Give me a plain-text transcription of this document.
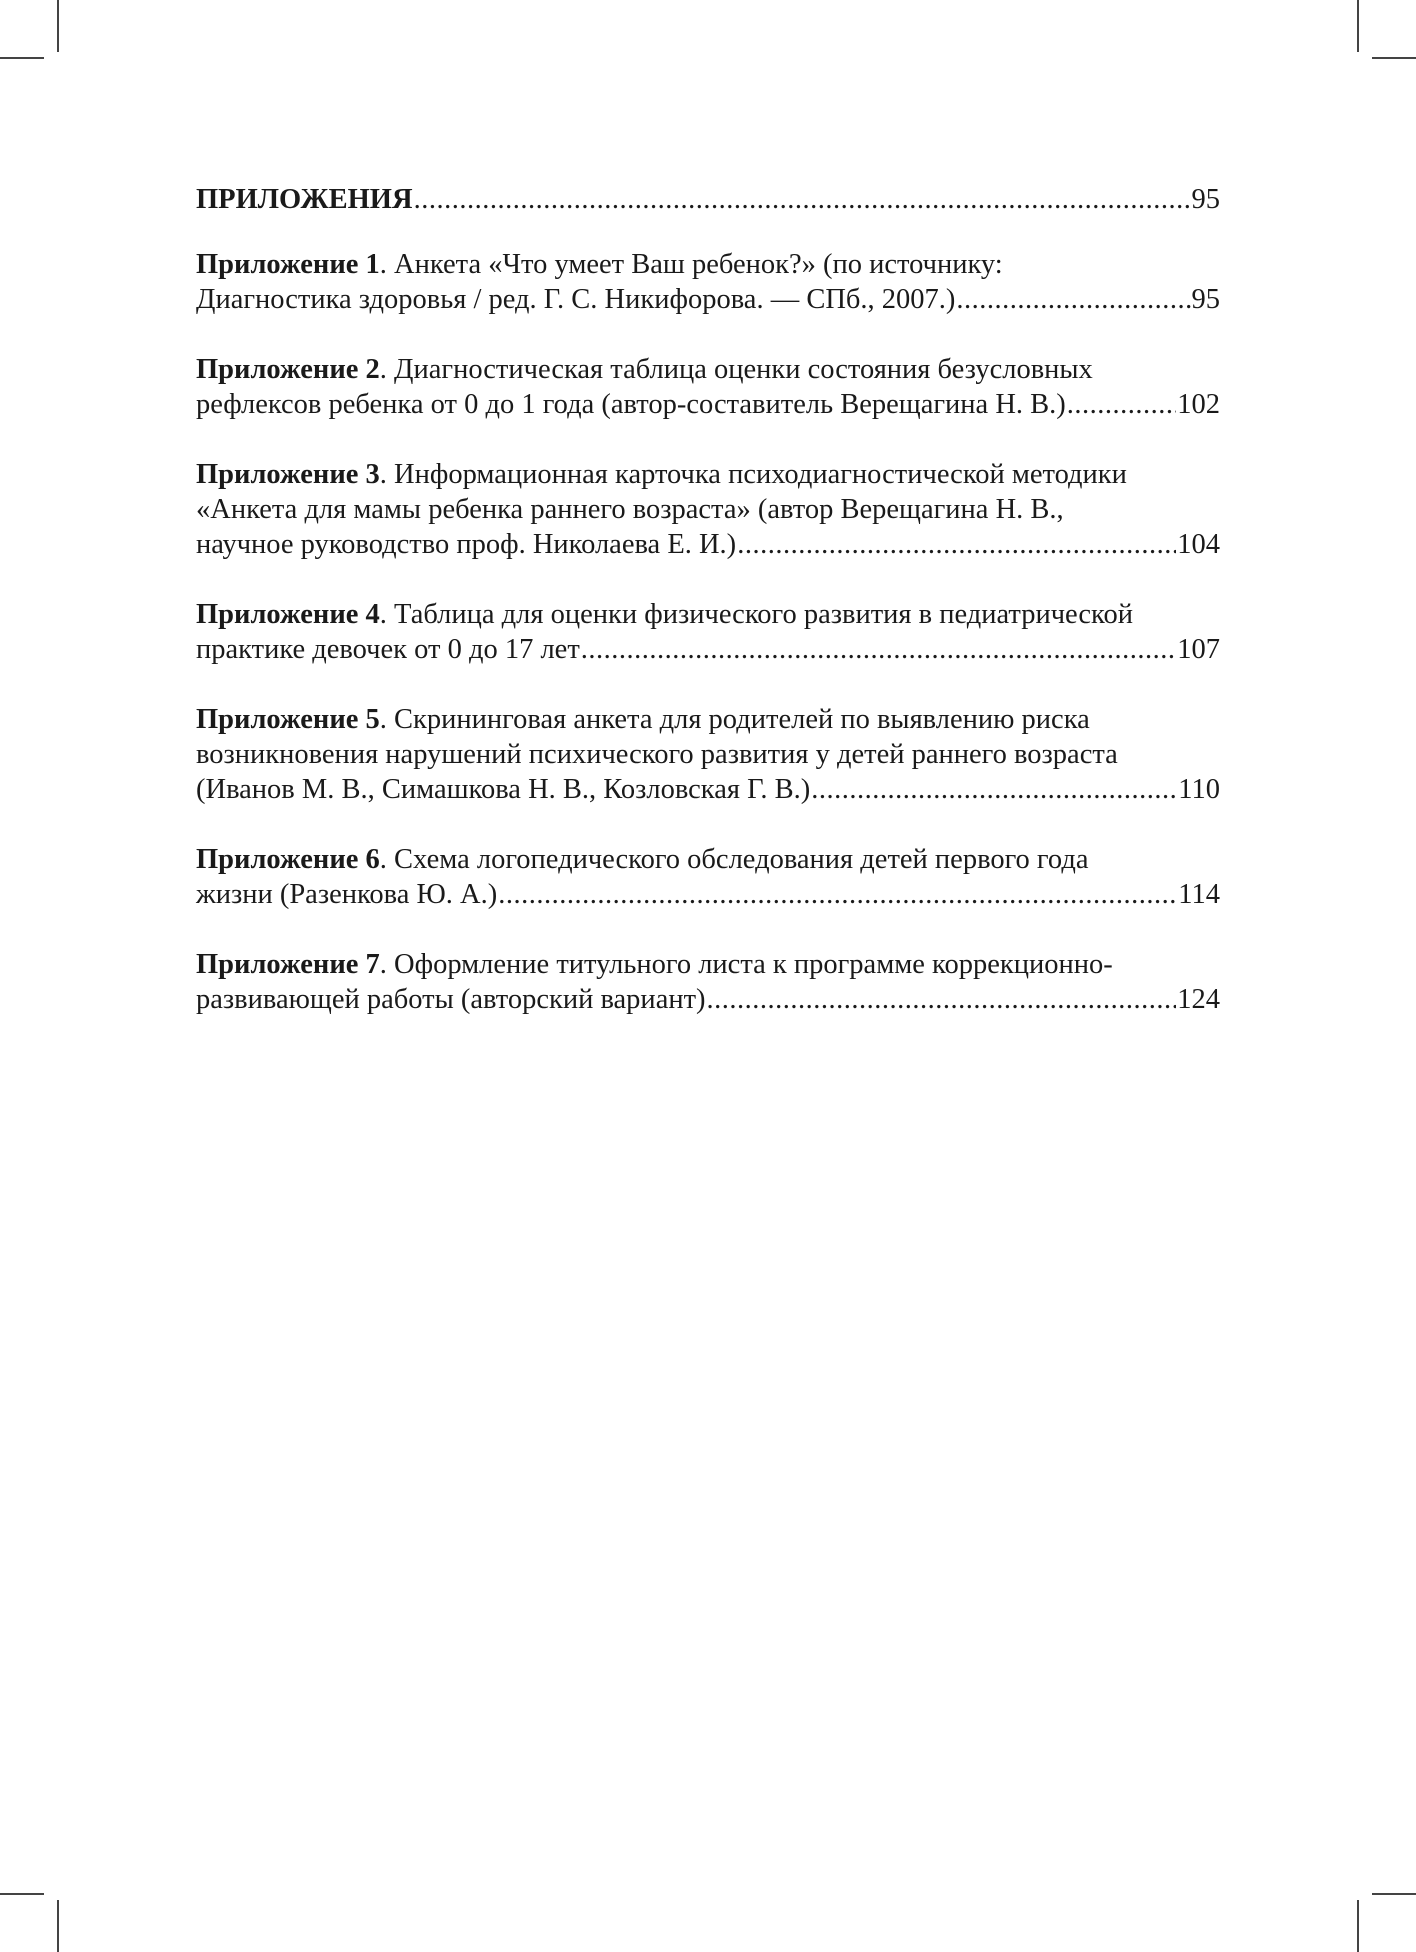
ПРИЛОЖЕНИЯ .....	95
Приложение 1. Анкета «Что умеет Ваш ребенок?» (по источнику:
Диагностика здоровья / ред. Г. С. Никифорова. — СПб., 2007.) .....	95
Приложение 2. Диагностическая таблица оценки состояния безусловных
рефлексов ребенка от 0 до 1 года (автор-составитель Верещагина Н. В.) .....	102
Приложение 3. Информационная карточка психодиагностической методики
«Анкета для мамы ребенка раннего возраста» (автор Верещагина Н. В.,
научное руководство проф. Николаева Е. И.) .....	104
Приложение 4. Таблица для оценки физического развития в педиатрической
практике девочек от 0 до 17 лет .....	107
Приложение 5. Скрининговая анкета для родителей по выявлению риска
возникновения нарушений психического развития у детей раннего возраста
(Иванов М. В., Симашкова Н. В., Козловская Г. В.) .....	110
Приложение 6. Схема логопедического обследования детей первого года
жизни (Разенкова Ю. А.) .....	114
Приложение 7. Оформление титульного листа к программе коррекционно-
развивающей работы (авторский вариант) .....	124
